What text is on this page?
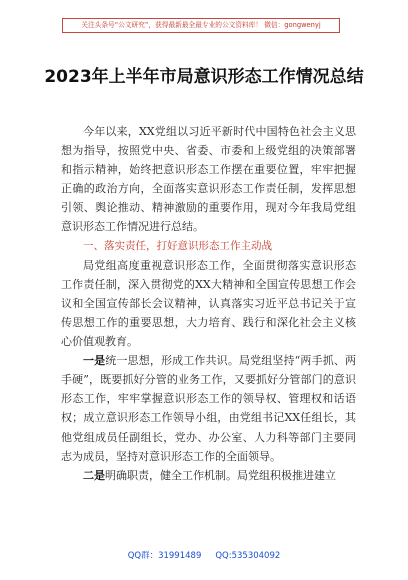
关注头条号“公文研究”，获得最新最全最专业的公文资料库！ 微信：gongwenyj
2023年上半年市局意识形态工作情况总结

今年以来，XX党组以习近平新时代中国特色社会主义思想为指导，按照党中央、省委、市委和上级党组的决策部署和指示精神，始终把意识形态工作摆在重要位置，牢牢把握正确的政治方向，全面落实意识形态工作责任制，发挥思想引领、舆论推动、精神激励的重要作用，现对今年我局党组意识形态工作情况进行总结。

一、落实责任，打好意识形态工作主动战

局党组高度重视意识形态工作，全面贯彻落实意识形态工作责任制，深入贯彻党的XX大精神和全国宣传思想工作会议和全国宣传部长会议精神，认真落实习近平总书记关于宣传思想工作的重要思想，大力培育、践行和深化社会主义核心价值观教育。

一是统一思想，形成工作共识。局党组坚持“两手抓、两手硬”，既要抓好分管的业务工作，又要抓好分管部门的意识形态工作，牢牢掌握意识形态工作的领导权、管理权和话语权；成立意识形态工作领导小组，由党组书记XX任组长，其他党组成员任副组长，党办、办公室、人力科等部门主要同志为成员，坚持对意识形态工作的全面领导。

二是明确职责，健全工作机制。局党组积极推进建立

QQ群：31991489 QQ:535304092
